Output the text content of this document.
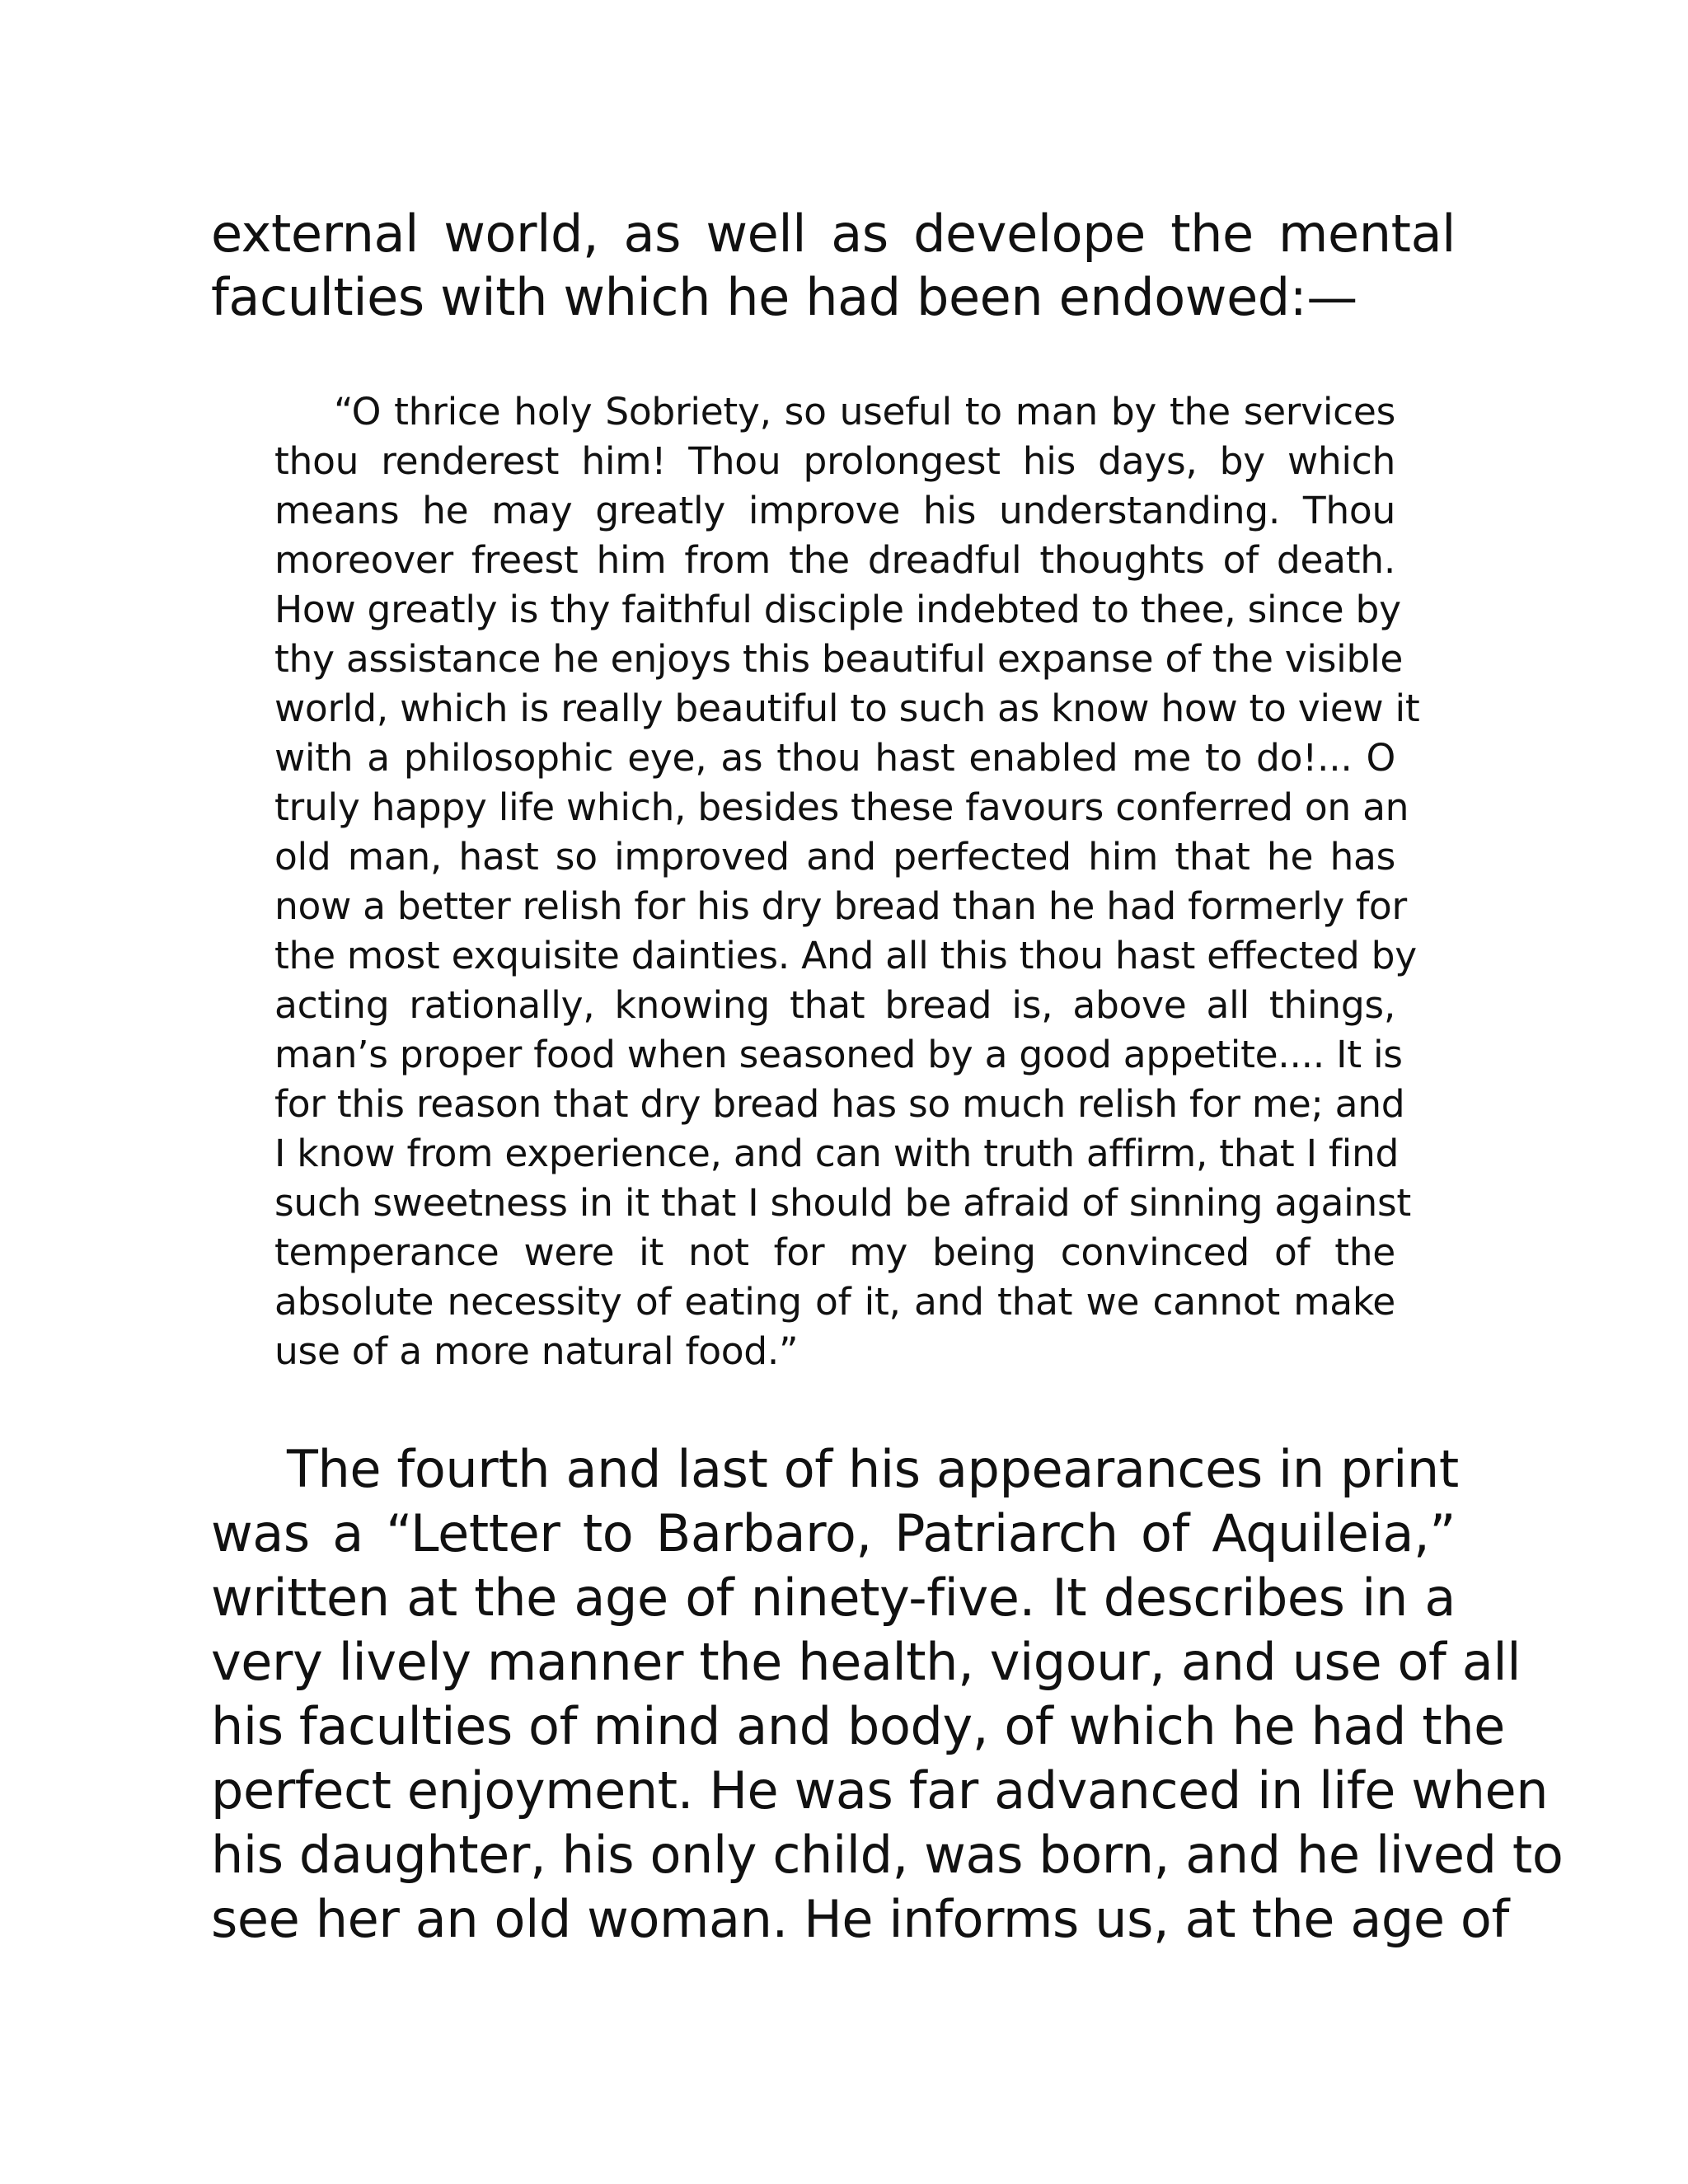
external world, as well as develope the mental

faculties with which he had been endowed:—

“O thrice holy Sobriety, so useful to man by the services

thou renderest him! Thou prolongest his days, by which

means he may greatly improve his understanding. Thou

moreover freest him from the dreadful thoughts of death.

How greatly is thy faithful disciple indebted to thee, since by

thy assistance he enjoys this beautiful expanse of the visible

world, which is really beautiful to such as know how to view it

with a philosophic eye, as thou hast enabled me to do!... O

truly happy life which, besides these favours conferred on an

old man, hast so improved and perfected him that he has

now a better relish for his dry bread than he had formerly for

the most exquisite dainties. And all this thou hast effected by

acting rationally, knowing that bread is, above all things,

man’s proper food when seasoned by a good appetite.... It is

for this reason that dry bread has so much relish for me; and

I know from experience, and can with truth affirm, that I find

such sweetness in it that I should be afraid of sinning against

temperance were it not for my being convinced of the

absolute necessity of eating of it, and that we cannot make

use of a more natural food.”

The fourth and last of his appearances in print

was a “Letter to Barbaro, Patriarch of Aquileia,”

written at the age of ninety-five. It describes in a

very lively manner the health, vigour, and use of all

his faculties of mind and body, of which he had the

perfect enjoyment. He was far advanced in life when

his daughter, his only child, was born, and he lived to

see her an old woman. He informs us, at the age of
